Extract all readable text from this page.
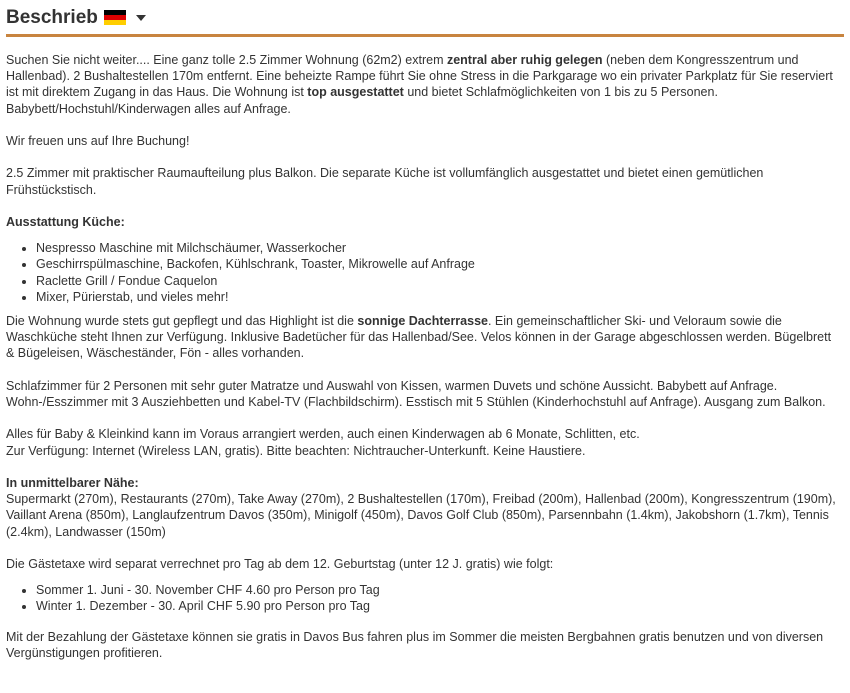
Beschrieb

Suchen Sie nicht weiter.... Eine ganz tolle 2.5 Zimmer Wohnung (62m2) extrem zentral aber ruhig gelegen (neben dem Kongresszentrum und Hallenbad). 2 Bushaltestellen 170m entfernt. Eine beheizte Rampe führt Sie ohne Stress in die Parkgarage wo ein privater Parkplatz für Sie reserviert ist mit direktem Zugang in das Haus. Die Wohnung ist top ausgestattet und bietet Schlafmöglichkeiten von 1 bis zu 5 Personen. Babybett/Hochstuhl/Kinderwagen alles auf Anfrage.

Wir freuen uns auf Ihre Buchung!

2.5 Zimmer mit praktischer Raumaufteilung plus Balkon. Die separate Küche ist vollumfänglich ausgestattet und bietet einen gemütlichen Frühstückstisch.

Ausstattung Küche:
• Nespresso Maschine mit Milchschäumer, Wasserkocher
• Geschirrspülmaschine, Backofen, Kühlschrank, Toaster, Mikrowelle auf Anfrage
• Raclette Grill / Fondue Caquelon
• Mixer, Pürierstab, und vieles mehr!

Die Wohnung wurde stets gut gepflegt und das Highlight ist die sonnige Dachterrasse. Ein gemeinschaftlicher Ski- und Veloraum sowie die Waschküche steht Ihnen zur Verfügung. Inklusive Badetücher für das Hallenbad/See. Velos können in der Garage abgeschlossen werden. Bügelbrett & Bügeleisen, Wäscheständer, Fön - alles vorhanden.

Schlafzimmer für 2 Personen mit sehr guter Matratze und Auswahl von Kissen, warmen Duvets und schöne Aussicht. Babybett auf Anfrage. Wohn-/Esszimmer mit 3 Ausziehbetten und Kabel-TV (Flachbildschirm). Esstisch mit 5 Stühlen (Kinderhochstuhl auf Anfrage). Ausgang zum Balkon.

Alles für Baby & Kleinkind kann im Voraus arrangiert werden, auch einen Kinderwagen ab 6 Monate, Schlitten, etc.
Zur Verfügung: Internet (Wireless LAN, gratis). Bitte beachten: Nichtraucher-Unterkunft. Keine Haustiere.

In unmittelbarer Nähe:

Supermarkt (270m), Restaurants (270m), Take Away (270m), 2 Bushaltestellen (170m), Freibad (200m), Hallenbad (200m), Kongresszentrum (190m), Vaillant Arena (850m), Langlaufzentrum Davos (350m), Minigolf (450m), Davos Golf Club (850m), Parsennbahn (1.4km), Jakobshorn (1.7km), Tennis (2.4km), Landwasser (150m)

Die Gästetaxe wird separat verrechnet pro Tag ab dem 12. Geburtstag (unter 12 J. gratis) wie folgt:

• Sommer 1. Juni - 30. November CHF 4.60 pro Person pro Tag
• Winter 1. Dezember - 30. April CHF 5.90 pro Person pro Tag

Mit der Bezahlung der Gästetaxe können sie gratis in Davos Bus fahren plus im Sommer die meisten Bergbahnen gratis benutzen und von diversen Vergünstigungen profitieren.
